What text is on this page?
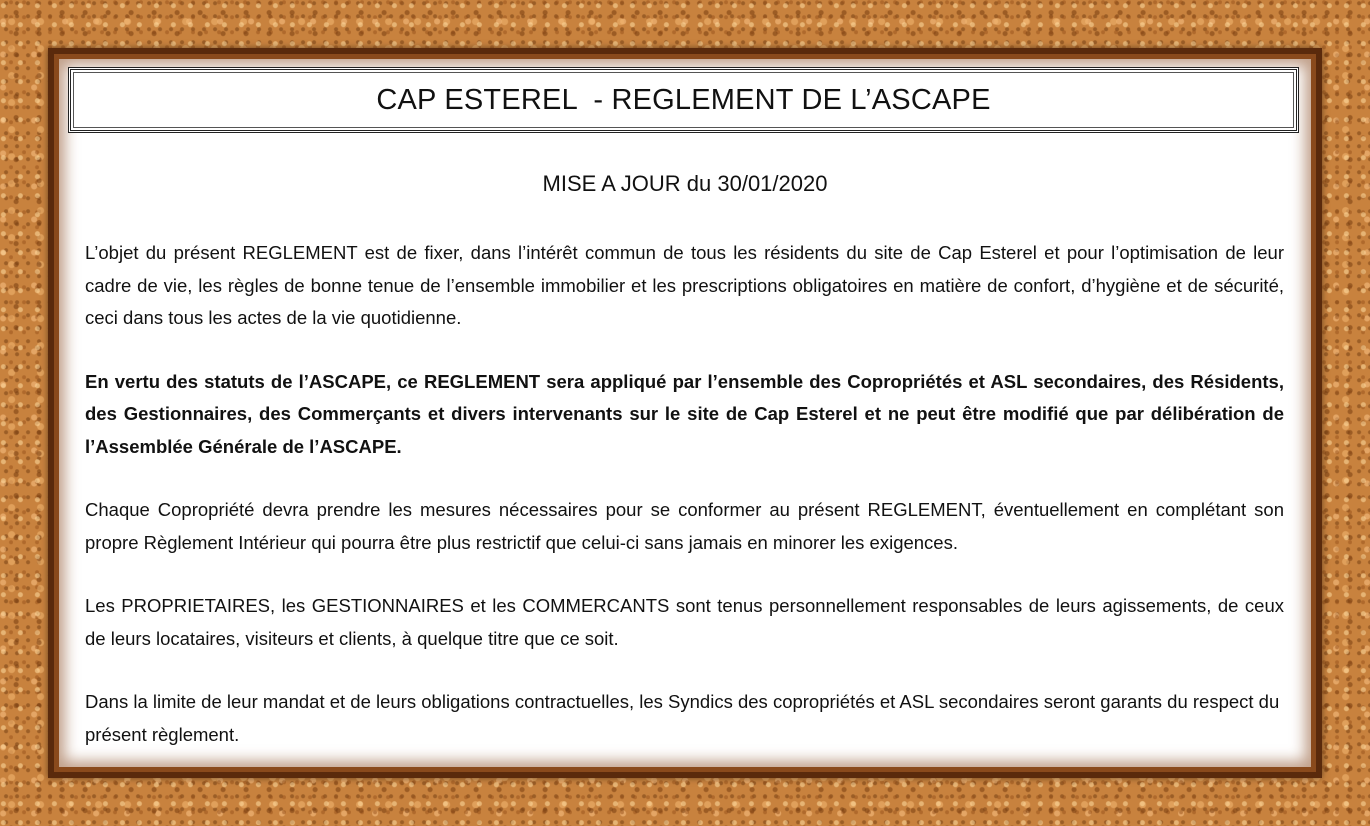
CAP ESTEREL  - REGLEMENT DE L’ASCAPE
MISE A JOUR du 30/01/2020

L’objet du présent REGLEMENT est de fixer, dans l’intérêt commun de tous les résidents du site de Cap Esterel et pour l’optimisation de leur cadre de vie, les règles de bonne tenue de l’ensemble immobilier et les prescriptions obligatoires en matière de confort, d’hygiène et de sécurité, ceci dans tous les actes de la vie quotidienne.

En vertu des statuts de l’ASCAPE, ce REGLEMENT sera appliqué par l’ensemble des Copropriétés et ASL secondaires, des Résidents, des Gestionnaires, des Commerçants et divers intervenants sur le site de Cap Esterel et ne peut être modifié que par délibération de l’Assemblée Générale de l’ASCAPE.

Chaque Copropriété devra prendre les mesures nécessaires pour se conformer au présent REGLEMENT, éventuellement en complétant son propre Règlement Intérieur qui pourra être plus restrictif que celui-ci sans jamais en minorer les exigences.

Les PROPRIETAIRES, les GESTIONNAIRES et les COMMERCANTS sont tenus personnellement responsables de leurs agissements, de ceux de leurs locataires, visiteurs et clients, à quelque titre que ce soit.

Dans la limite de leur mandat et de leurs obligations contractuelles, les Syndics des copropriétés et ASL secondaires seront garants du respect du présent règlement.
